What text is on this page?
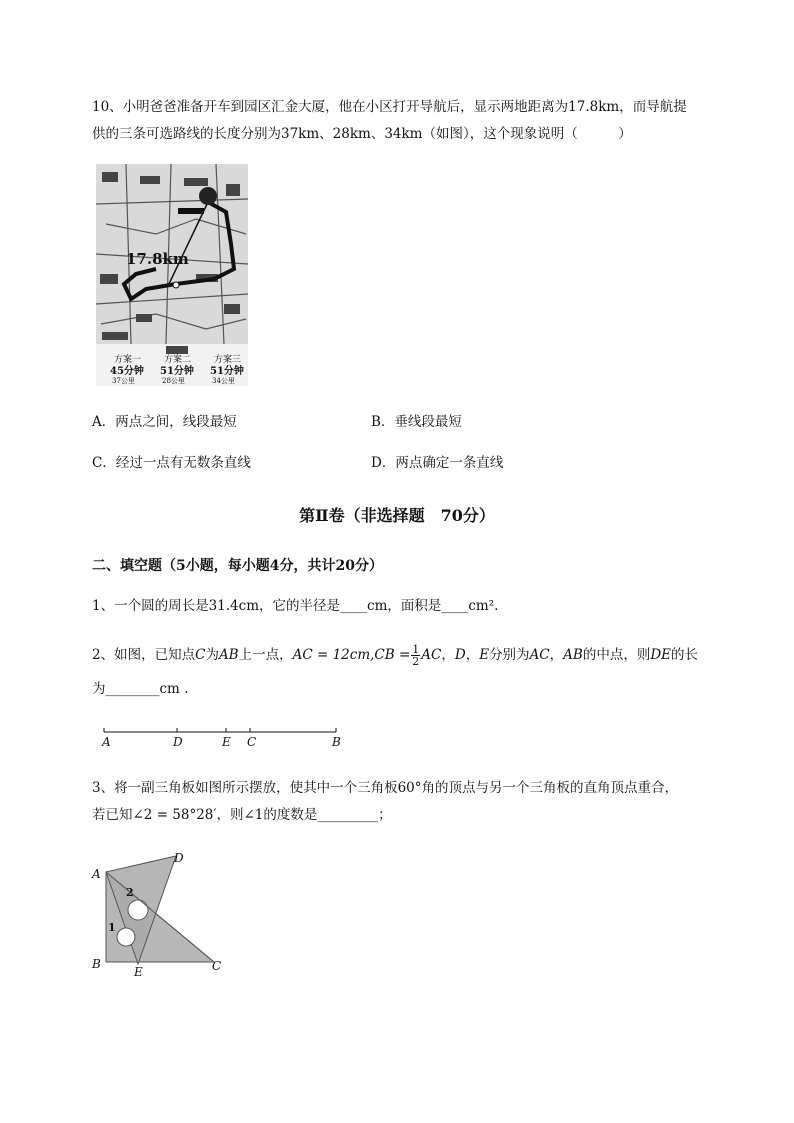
10、小明爸爸准备开车到园区汇金大厦，他在小区打开导航后，显示两地距离为17.8km，而导航提
供的三条可选路线的长度分别为37km、28km、34km（如图），这个现象说明（　　　）
17.8km
方案一
45分钟
37公里
方案二
51分钟
28公里
方案三
51分钟
34公里
A．两点之间，线段最短	B．垂线段最短
C．经过一点有无数条直线	D．两点确定一条直线
第Ⅱ卷（非选择题　70分）
二、填空题（5小题，每小题4分，共计20分）
1、一个圆的周长是31.4cm，它的半径是____cm，面积是____cm².
2、如图，已知点C为AB上一点，AC = $12cm,CB = \frac{1}{2}$ AC，D，E分别为AC，AB的中点，则DE的长
为________cm .
A	D	E C	B
3、将一副三角板如图所示摆放，使其中一个三角板60°角的顶点与另一个三角板的直角顶点重合，
若已知∠2 = 58°28′，则∠1的度数是_________；
A
B	C
D
E
1
2
